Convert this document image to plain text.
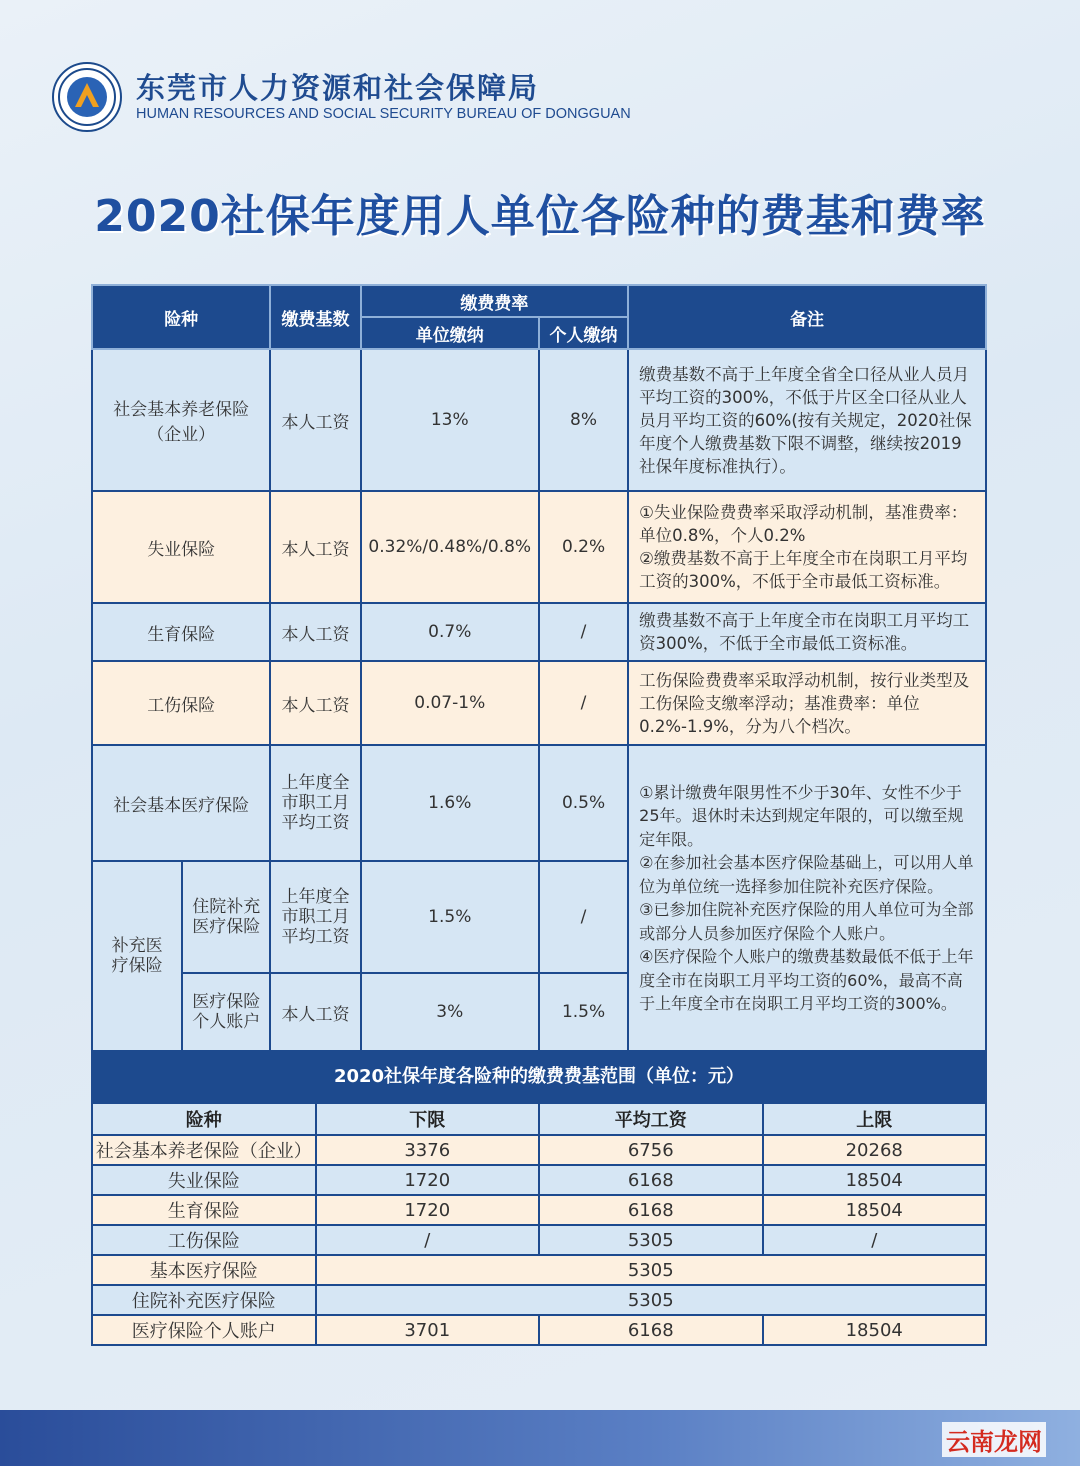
东莞市人力资源和社会保障局
HUMAN RESOURCES AND SOCIAL SECURITY BUREAU OF DONGGUAN
2020社保年度用人单位各险种的费基和费率
险种		缴费基数	缴费费率		备注
			单位缴纳	个人缴纳	
社会基本养老保险（企业）		本人工资	13%	8%	缴费基数不高于上年度全省全口径从业人员月平均工资的300%，不低于片区全口径从业人员月平均工资的60%(按有关规定，2020社保年度个人缴费基数下限不调整，继续按2019社保年度标准执行）。
失业保险		本人工资	0.32%/0.48%/0.8%	0.2%	①失业保险费费率采取浮动机制，基准费率：单位0.8%，个人0.2%
②缴费基数不高于上年度全市在岗职工月平均工资的300%，不低于全市最低工资标准。

生育保险		本人工资	0.7%	/	缴费基数不高于上年度全市在岗职工月平均工资300%，不低于全市最低工资标准。
工伤保险		本人工资	0.07-1%	/	工伤保险费费率采取浮动机制，按行业类型及工伤保险支缴率浮动；基准费率：单位0.2%-1.9%，分为八个档次。
社会基本医疗保险		上年度全市职工月平均工资	1.6%	0.5%	①累计缴费年限男性不少于30年、女性不少于25年。退休时未达到规定年限的，可以缴至规定年限。
②在参加社会基本医疗保险基础上，可以用人单位为单位统一选择参加住院补充医疗保险。
③已参加住院补充医疗保险的用人单位可为全部或部分人员参加医疗保险个人账户。
④医疗保险个人账户的缴费基数最低不低于上年度全市在岗职工月平均工资的60%，最高不高于上年度全市在岗职工月平均工资的300%。

补充医疗保险	住院补充医疗保险	上年度全市职工月平均工资	1.5%	/	
	医疗保险个人账户	本人工资	3%	1.5%	
2020社保年度各险种的缴费费基范围（单位：元）
险种	下限	平均工资	上限
社会基本养老保险（企业）	3376	6756	20268
失业保险	1720	6168	18504
生育保险	1720	6168	18504
工伤保险	/	5305	/
基本医疗保险	5305		
住院补充医疗保险	5305		
医疗保险个人账户	3701	6168	18504
云南龙网
